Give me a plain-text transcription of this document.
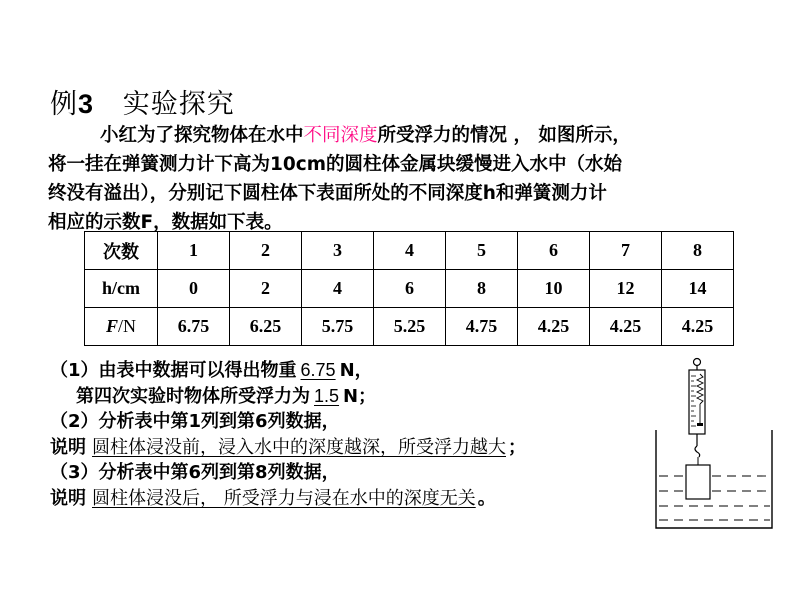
例3 实验探究
小红为了探究物体在水中不同深度所受浮力的情况 ， 如图所示，
将一挂在弹簧测力计下高为10cm的圆柱体金属块缓慢进入水中（水始
终没有溢出），分别记下圆柱体下表面所处的不同深度h和弹簧测力计
相应的示数F，数据如下表。
次数	1	2	3	4	5	6	7	8
h/cm	0	2	4	6	8	10	12	14
F/N	6.75	6.25	5.75	5.25	4.75	4.25	4.25	4.25
（1）由表中数据可以得出物重 6.75 N，
第四次实验时物体所受浮力为 1.5 N；
（2）分析表中第1列到第6列数据，
说明 圆柱体浸没前，浸入水中的深度越深，所受浮力越大 ；
（3）分析表中第6列到第8列数据，
说明 圆柱体浸没后， 所受浮力与浸在水中的深度无关 。
